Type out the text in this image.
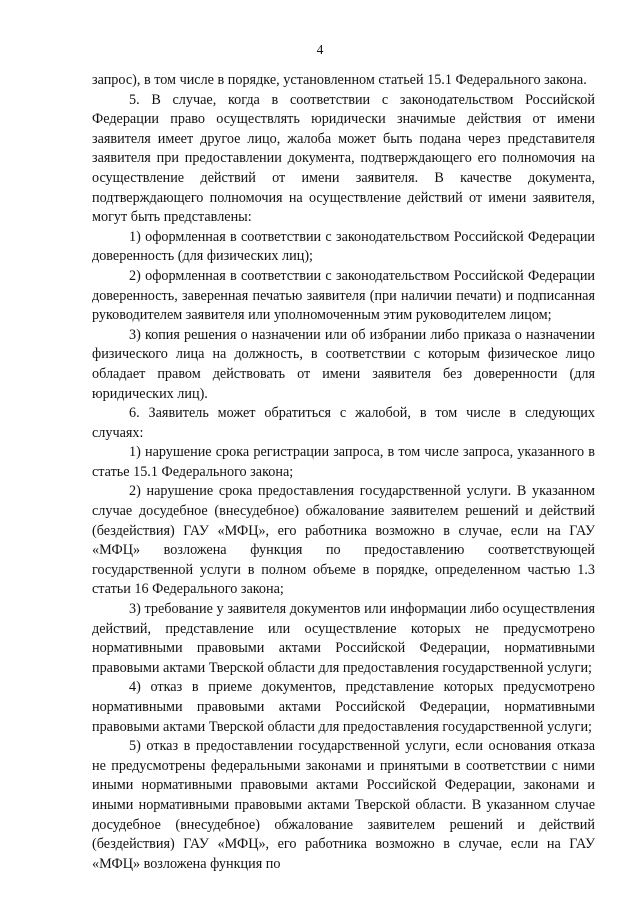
4

запрос), в том числе в порядке, установленном статьей 15.1 Федерального закона.

5. В случае, когда в соответствии с законодательством Российской Федерации право осуществлять юридически значимые действия от имени заявителя имеет другое лицо, жалоба может быть подана через представителя заявителя при предоставлении документа, подтверждающего его полномочия на осуществление действий от имени заявителя. В качестве документа, подтверждающего полномочия на осуществление действий от имени заявителя, могут быть представлены:

1) оформленная в соответствии с законодательством Российской Федерации доверенность (для физических лиц);

2) оформленная в соответствии с законодательством Российской Федерации доверенность, заверенная печатью заявителя (при наличии печати) и подписанная руководителем заявителя или уполномоченным этим руководителем лицом;

3) копия решения о назначении или об избрании либо приказа о назначении физического лица на должность, в соответствии с которым физическое лицо обладает правом действовать от имени заявителя без доверенности (для юридических лиц).

6. Заявитель может обратиться с жалобой, в том числе в следующих случаях:

1) нарушение срока регистрации запроса, в том числе запроса, указанного в статье 15.1 Федерального закона;

2) нарушение срока предоставления государственной услуги. В указанном случае досудебное (внесудебное) обжалование заявителем решений и действий (бездействия) ГАУ «МФЦ», его работника возможно в случае, если на ГАУ «МФЦ» возложена функция по предоставлению соответствующей государственной услуги в полном объеме в порядке, определенном частью 1.3 статьи 16 Федерального закона;

3) требование у заявителя документов или информации либо осуществления действий, представление или осуществление которых не предусмотрено нормативными правовыми актами Российской Федерации, нормативными правовыми актами Тверской области для предоставления государственной услуги;

4) отказ в приеме документов, представление которых предусмотрено нормативными правовыми актами Российской Федерации, нормативными правовыми актами Тверской области для предоставления государственной услуги;

5) отказ в предоставлении государственной услуги, если основания отказа не предусмотрены федеральными законами и принятыми в соответствии с ними иными нормативными правовыми актами Российской Федерации, законами и иными нормативными правовыми актами Тверской области. В указанном случае досудебное (внесудебное) обжалование заявителем решений и действий (бездействия) ГАУ «МФЦ», его работника возможно в случае, если на ГАУ «МФЦ» возложена функция по
